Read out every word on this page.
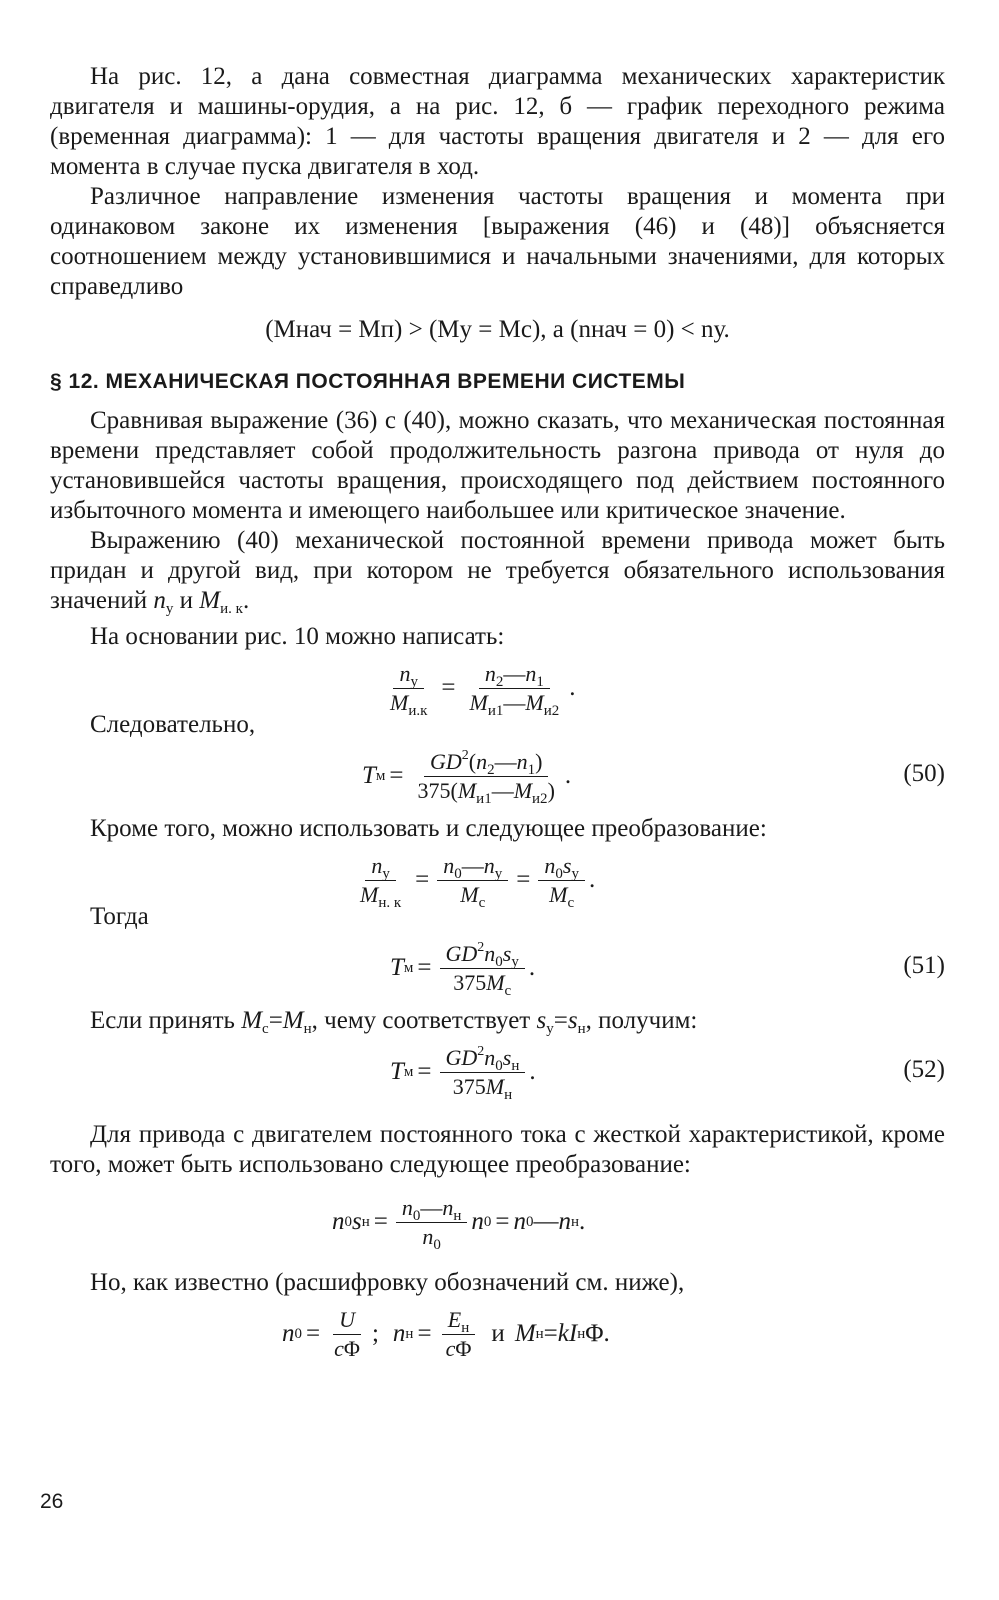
На рис. 12, а дана совместная диаграмма механических характеристик двигателя и машины-орудия, а на рис. 12, б — график переходного режима (временная диаграмма): 1 — для частоты вращения двигателя и 2 — для его момента в случае пуска двигателя в ход.

Различное направление изменения частоты вращения и момента при одинаковом законе их изменения [выражения (46) и (48)] объясняется соотношением между установившимися и начальными значениями, для которых справедливо

(Mнач = Mп) > (Mу = Mс), а (nнач = 0) < nу.
§ 12. МЕХАНИЧЕСКАЯ ПОСТОЯННАЯ ВРЕМЕНИ СИСТЕМЫ

Сравнивая выражение (36) с (40), можно сказать, что механическая постоянная времени представляет собой продолжительность разгона привода от нуля до установившейся частоты вращения, происходящего под действием постоянного избыточного момента и имеющего наибольшее или критическое значение.

Выражению (40) механической постоянной времени привода может быть придан и другой вид, при котором не требуется обязательного использования значений $n_у$ и $M_{и. к}$.

На основании рис. 10 можно написать:
$\frac{n_у}{M_{и.к}} = \frac{n_2—n_1}{M_{и1}—M_{и2}}$ .
Следовательно,
T $м = \frac{GD^2(n_2—n_1)}{375(M_{и1}—M_{и2})}$ .	(50)
Кроме того, можно использовать и следующее преобразование:
$\frac{n_у}{M_{н. к}} = \frac{n_0—n_у}{M_с} = \frac{n_0s_у}{M_с}$ .
Тогда
T $м = \frac{GD^2n_0s_у}{375M_с}$ .	(51)
Если принять $M_с=M_н$, чему соответствует $s_у=s_н$, получим:
T $м = \frac{GD^2n_0s_н}{375M_н}$ .	(52)

Для привода с двигателем постоянного тока с жесткой характеристикой, кроме того, может быть использовано следующее преобразование:

n 0 s $н = \frac{n_0—n_н}{n_0}$ n 0 = n 0 — n н .
Но, как известно (расшифровку обозначений см. ниже),
n $0 = \frac{U}{c\Phi}$ ; n $н = \frac{E_н}{c\Phi}$ и M н = kI н Φ.
26
